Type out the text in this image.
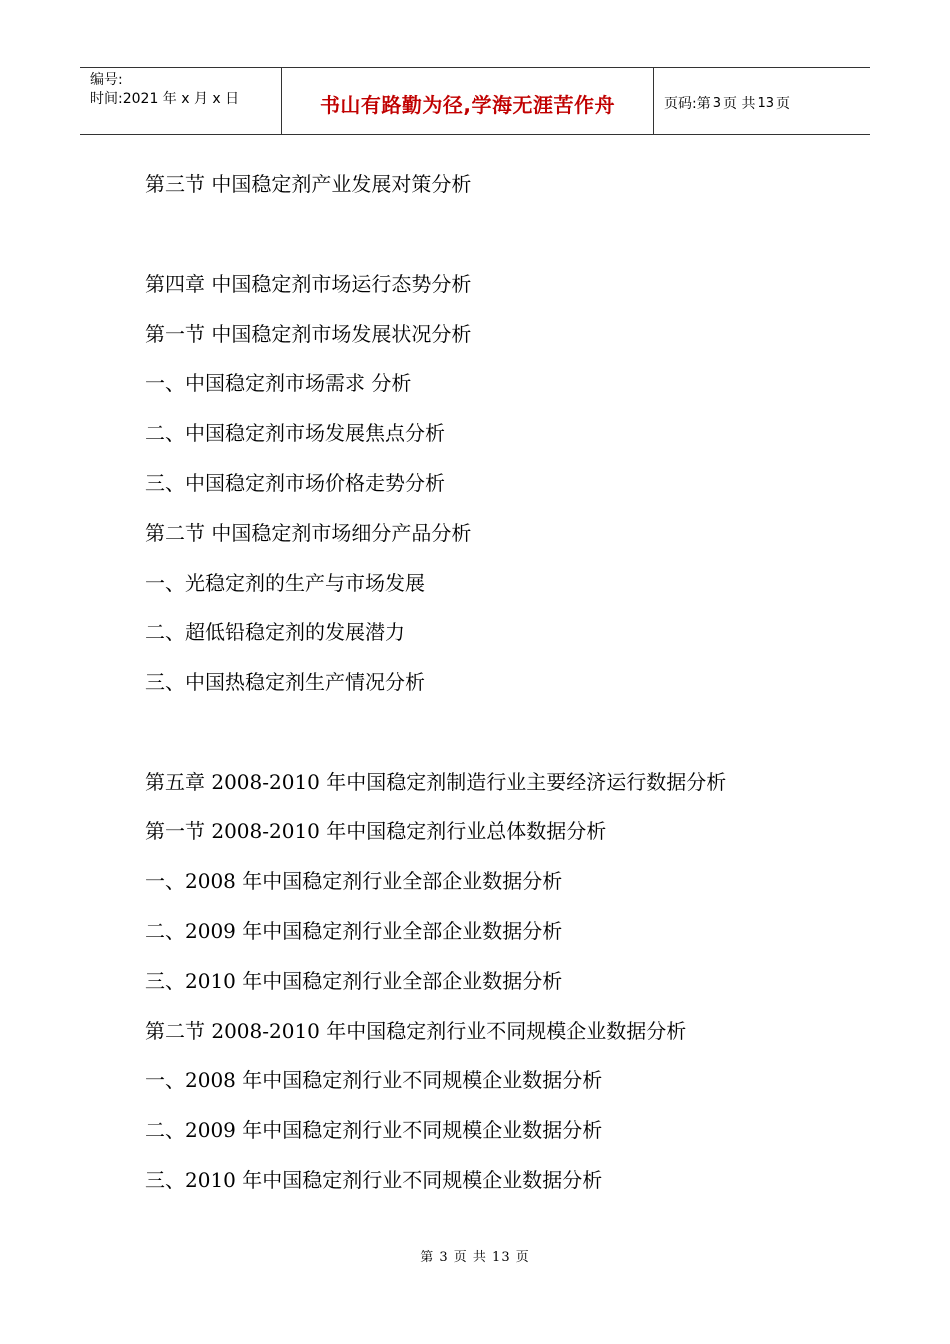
编号:
时间:2021 年 x 月 x 日	书山有路勤为径,学海无涯苦作舟	页码:第 3 页 共 13 页
第三节 中国稳定剂产业发展对策分析
第四章 中国稳定剂市场运行态势分析
第一节 中国稳定剂市场发展状况分析
一、中国稳定剂市场需求 分析
二、中国稳定剂市场发展焦点分析
三、中国稳定剂市场价格走势分析
第二节 中国稳定剂市场细分产品分析
一、光稳定剂的生产与市场发展
二、超低铅稳定剂的发展潜力
三、中国热稳定剂生产情况分析
第五章 2008-2010 年中国稳定剂制造行业主要经济运行数据分析
第一节 2008-2010 年中国稳定剂行业总体数据分析
一、2008 年中国稳定剂行业全部企业数据分析
二、2009 年中国稳定剂行业全部企业数据分析
三、2010 年中国稳定剂行业全部企业数据分析
第二节 2008-2010 年中国稳定剂行业不同规模企业数据分析
一、2008 年中国稳定剂行业不同规模企业数据分析
二、2009 年中国稳定剂行业不同规模企业数据分析
三、2010 年中国稳定剂行业不同规模企业数据分析
第 3 页 共 13 页
